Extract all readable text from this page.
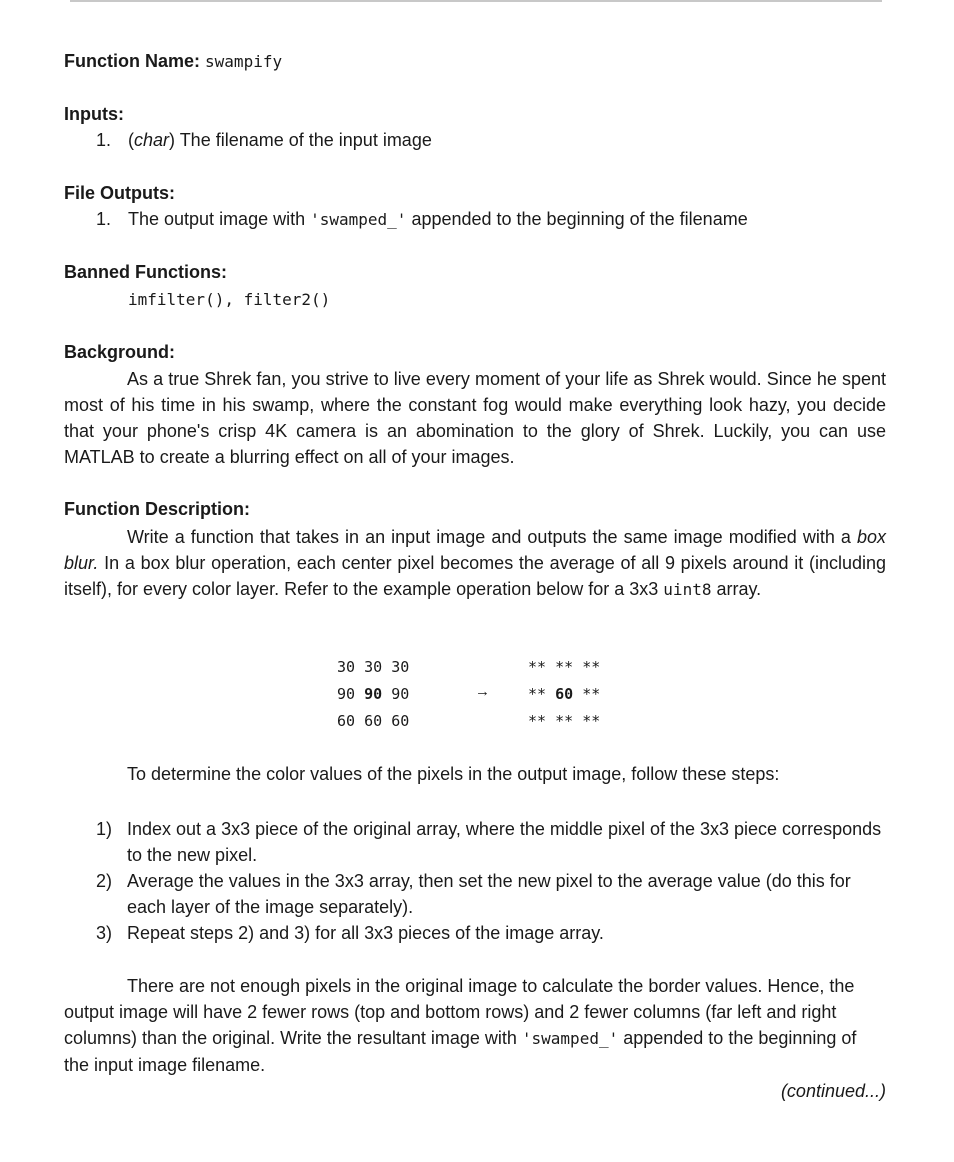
Function Name: swampify
Inputs:
1. (char) The filename of the input image
File Outputs:
1. The output image with 'swamped_' appended to the beginning of the filename
Banned Functions:
imfilter(), filter2()
Background:
As a true Shrek fan, you strive to live every moment of your life as Shrek would. Since he spent most of his time in his swamp, where the constant fog would make everything look hazy, you decide that your phone's crisp 4K camera is an abomination to the glory of Shrek. Luckily, you can use MATLAB to create a blurring effect on all of your images.
Function Description:
Write a function that takes in an input image and outputs the same image modified with a box blur. In a box blur operation, each center pixel becomes the average of all 9 pixels around it (including itself), for every color layer. Refer to the example operation below for a 3x3 uint8 array.
30 30 30
90 90 90
60 60 60
→
** ** **
** 60 **
** ** **
To determine the color values of the pixels in the output image, follow these steps:
1) Index out a 3x3 piece of the original array, where the middle pixel of the 3x3 piece corresponds to the new pixel.
2) Average the values in the 3x3 array, then set the new pixel to the average value (do this for each layer of the image separately).
3) Repeat steps 2) and 3) for all 3x3 pieces of the image array.
There are not enough pixels in the original image to calculate the border values. Hence, the output image will have 2 fewer rows (top and bottom rows) and 2 fewer columns (far left and right columns) than the original. Write the resultant image with 'swamped_' appended to the beginning of the input image filename.
(continued...)
